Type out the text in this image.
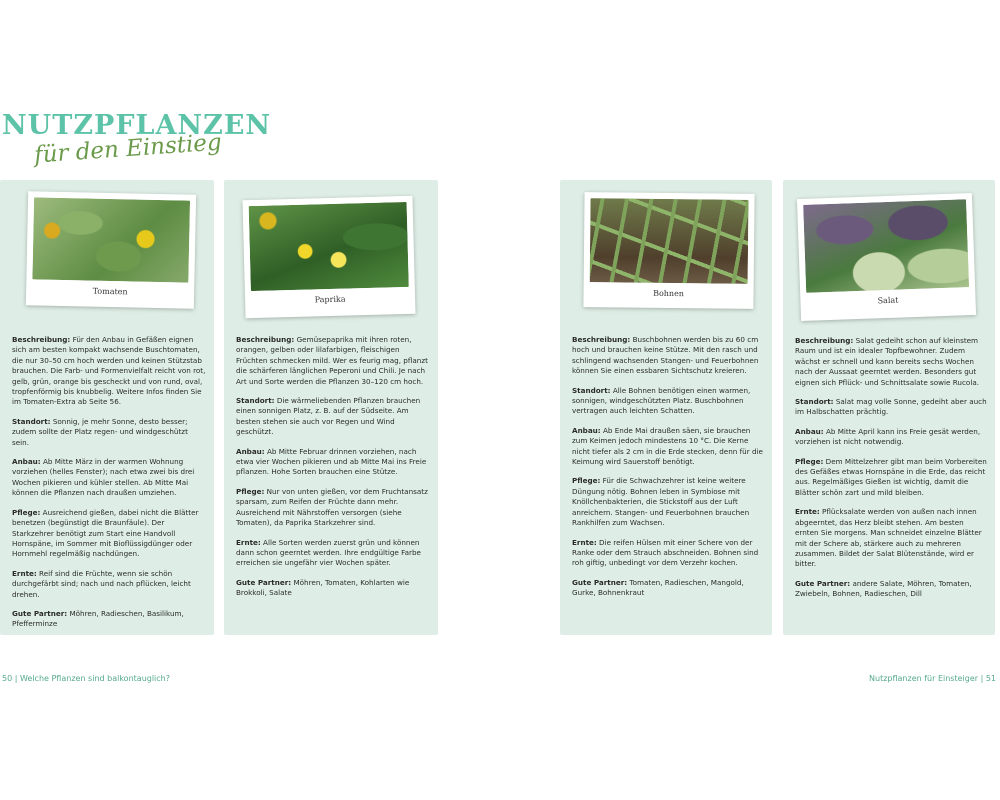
NUTZPFLANZEN
für den Einstieg
Tomaten

Beschreibung: Für den Anbau in Gefäßen eignen sich am besten kompakt wachsende Buschtomaten, die nur 30–50 cm hoch werden und keinen Stützstab brauchen. Die Farb- und Formenvielfalt reicht von rot, gelb, grün, orange bis gescheckt und von rund, oval, tropfenförmig bis knubbelig. Weitere Infos finden Sie im Tomaten-Extra ab Seite 56.

Standort: Sonnig, je mehr Sonne, desto besser; zudem sollte der Platz regen- und windgeschützt sein.

Anbau: Ab Mitte März in der warmen Wohnung vorziehen (helles Fenster); nach etwa zwei bis drei Wochen pikieren und kühler stellen. Ab Mitte Mai können die Pflanzen nach draußen umziehen.

Pflege: Ausreichend gießen, dabei nicht die Blätter benetzen (begünstigt die Braunfäule). Der Starkzehrer benötigt zum Start eine Handvoll Hornspäne, im Sommer mit Bioflüssigdünger oder Hornmehl regelmäßig nachdüngen.

Ernte: Reif sind die Früchte, wenn sie schön durchgefärbt sind; nach und nach pflücken, leicht drehen.

Gute Partner: Möhren, Radieschen, Basilikum, Pfefferminze

Paprika

Beschreibung: Gemüsepaprika mit ihren roten, orangen, gelben oder lilafarbigen, fleischigen Früchten schmecken mild. Wer es feurig mag, pflanzt die schärferen länglichen Peperoni und Chili. Je nach Art und Sorte werden die Pflanzen 30–120 cm hoch.

Standort: Die wärmeliebenden Pflanzen brauchen einen sonnigen Platz, z. B. auf der Südseite. Am besten stehen sie auch vor Regen und Wind geschützt.

Anbau: Ab Mitte Februar drinnen vorziehen, nach etwa vier Wochen pikieren und ab Mitte Mai ins Freie pflanzen. Hohe Sorten brauchen eine Stütze.

Pflege: Nur von unten gießen, vor dem Fruchtansatz sparsam, zum Reifen der Früchte dann mehr. Ausreichend mit Nährstoffen versorgen (siehe Tomaten), da Paprika Starkzehrer sind.

Ernte: Alle Sorten werden zuerst grün und können dann schon geerntet werden. Ihre endgültige Farbe erreichen sie ungefähr vier Wochen später.

Gute Partner: Möhren, Tomaten, Kohlarten wie Brokkoli, Salate

Bohnen

Beschreibung: Buschbohnen werden bis zu 60 cm hoch und brauchen keine Stütze. Mit den rasch und schlingend wachsenden Stangen- und Feuerbohnen können Sie einen essbaren Sichtschutz kreieren.

Standort: Alle Bohnen benötigen einen warmen, sonnigen, windgeschützten Platz. Buschbohnen vertragen auch leichten Schatten.

Anbau: Ab Ende Mai draußen säen, sie brauchen zum Keimen jedoch mindestens 10 °C. Die Kerne nicht tiefer als 2 cm in die Erde stecken, denn für die Keimung wird Sauerstoff benötigt.

Pflege: Für die Schwachzehrer ist keine weitere Düngung nötig. Bohnen leben in Symbiose mit Knöllchenbakterien, die Stickstoff aus der Luft anreichern. Stangen- und Feuerbohnen brauchen Rankhilfen zum Wachsen.

Ernte: Die reifen Hülsen mit einer Schere von der Ranke oder dem Strauch abschneiden. Bohnen sind roh giftig, unbedingt vor dem Verzehr kochen.

Gute Partner: Tomaten, Radieschen, Mangold, Gurke, Bohnenkraut

Salat

Beschreibung: Salat gedeiht schon auf kleinstem Raum und ist ein idealer Topfbewohner. Zudem wächst er schnell und kann bereits sechs Wochen nach der Aussaat geerntet werden. Besonders gut eignen sich Pflück- und Schnittsalate sowie Rucola.

Standort: Salat mag volle Sonne, gedeiht aber auch im Halbschatten prächtig.

Anbau: Ab Mitte April kann ins Freie gesät werden, vorziehen ist nicht notwendig.

Pflege: Dem Mittelzehrer gibt man beim Vorbereiten des Gefäßes etwas Hornspäne in die Erde, das reicht aus. Regelmäßiges Gießen ist wichtig, damit die Blätter schön zart und mild bleiben.

Ernte: Pflücksalate werden von außen nach innen abgeerntet, das Herz bleibt stehen. Am besten ernten Sie morgens. Man schneidet einzelne Blätter mit der Schere ab, stärkere auch zu mehreren zusammen. Bildet der Salat Blütenstände, wird er bitter.

Gute Partner: andere Salate, Möhren, Tomaten, Zwiebeln, Bohnen, Radieschen, Dill

50 | Welche Pflanzen sind balkontauglich?	Nutzpflanzen für Einsteiger | 51
